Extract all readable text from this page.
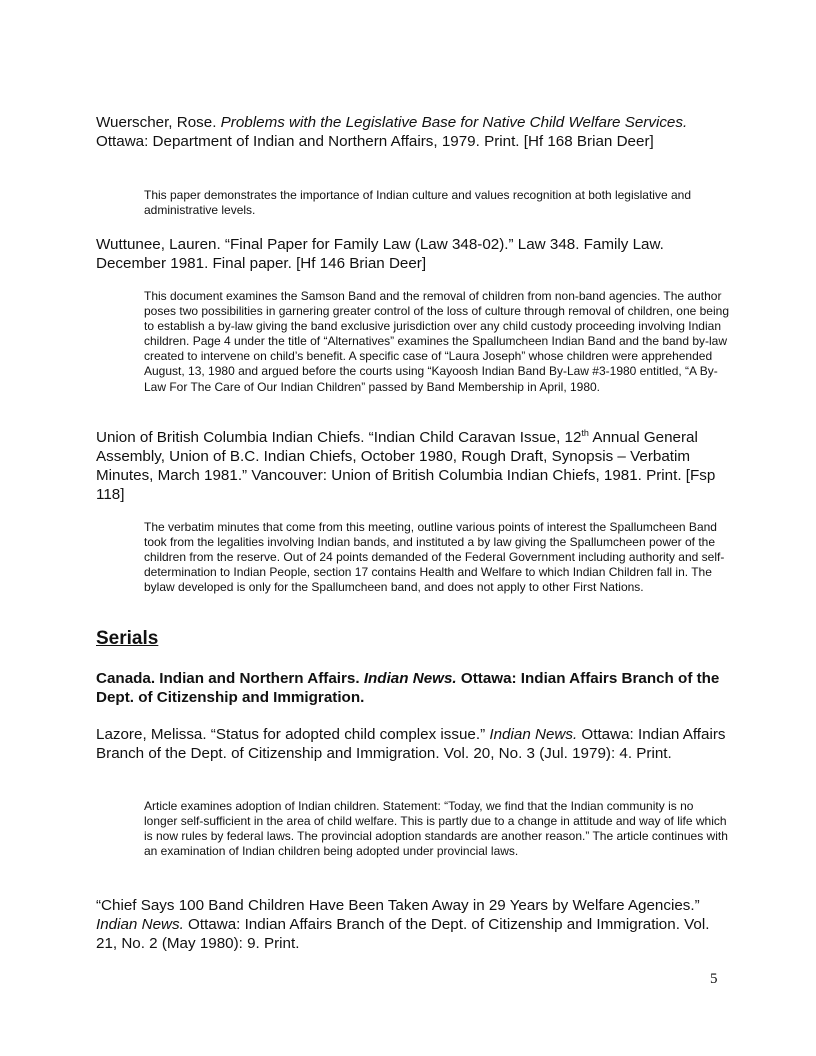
Wuerscher, Rose. Problems with the Legislative Base for Native Child Welfare Services. Ottawa: Department of Indian and Northern Affairs, 1979. Print. [Hf 168 Brian Deer]
This paper demonstrates the importance of Indian culture and values recognition at both legislative and administrative levels.
Wuttunee, Lauren. “Final Paper for Family Law (Law 348-02).” Law 348. Family Law. December 1981. Final paper. [Hf 146 Brian Deer]
This document examines the Samson Band and the removal of children from non-band agencies. The author poses two possibilities in garnering greater control of the loss of culture through removal of children, one being to establish a by-law giving the band exclusive jurisdiction over any child custody proceeding involving Indian children. Page 4 under the title of “Alternatives” examines the Spallumcheen Indian Band and the band by-law created to intervene on child’s benefit. A specific case of “Laura Joseph” whose children were apprehended August, 13, 1980 and argued before the courts using “Kayoosh Indian Band By-Law #3-1980 entitled, “A By-Law For The Care of Our Indian Children” passed by Band Membership in April, 1980.
Union of British Columbia Indian Chiefs. “Indian Child Caravan Issue, 12th Annual General Assembly, Union of B.C. Indian Chiefs, October 1980, Rough Draft, Synopsis – Verbatim Minutes, March 1981.” Vancouver: Union of British Columbia Indian Chiefs, 1981. Print. [Fsp 118]
The verbatim minutes that come from this meeting, outline various points of interest the Spallumcheen Band took from the legalities involving Indian bands, and instituted a by law giving the Spallumcheen power of the children from the reserve. Out of 24 points demanded of the Federal Government including authority and self-determination to Indian People, section 17 contains Health and Welfare to which Indian Children fall in. The bylaw developed is only for the Spallumcheen band, and does not apply to other First Nations.
Serials
Canada. Indian and Northern Affairs. Indian News. Ottawa: Indian Affairs Branch of the Dept. of Citizenship and Immigration.
Lazore, Melissa. “Status for adopted child complex issue.” Indian News. Ottawa: Indian Affairs Branch of the Dept. of Citizenship and Immigration. Vol. 20, No. 3 (Jul. 1979): 4. Print.
Article examines adoption of Indian children. Statement: “Today, we find that the Indian community is no longer self-sufficient in the area of child welfare. This is partly due to a change in attitude and way of life which is now rules by federal laws. The provincial adoption standards are another reason.” The article continues with an examination of Indian children being adopted under provincial laws.
“Chief Says 100 Band Children Have Been Taken Away in 29 Years by Welfare Agencies.” Indian News. Ottawa: Indian Affairs Branch of the Dept. of Citizenship and Immigration. Vol. 21, No. 2 (May 1980): 9. Print.
5
